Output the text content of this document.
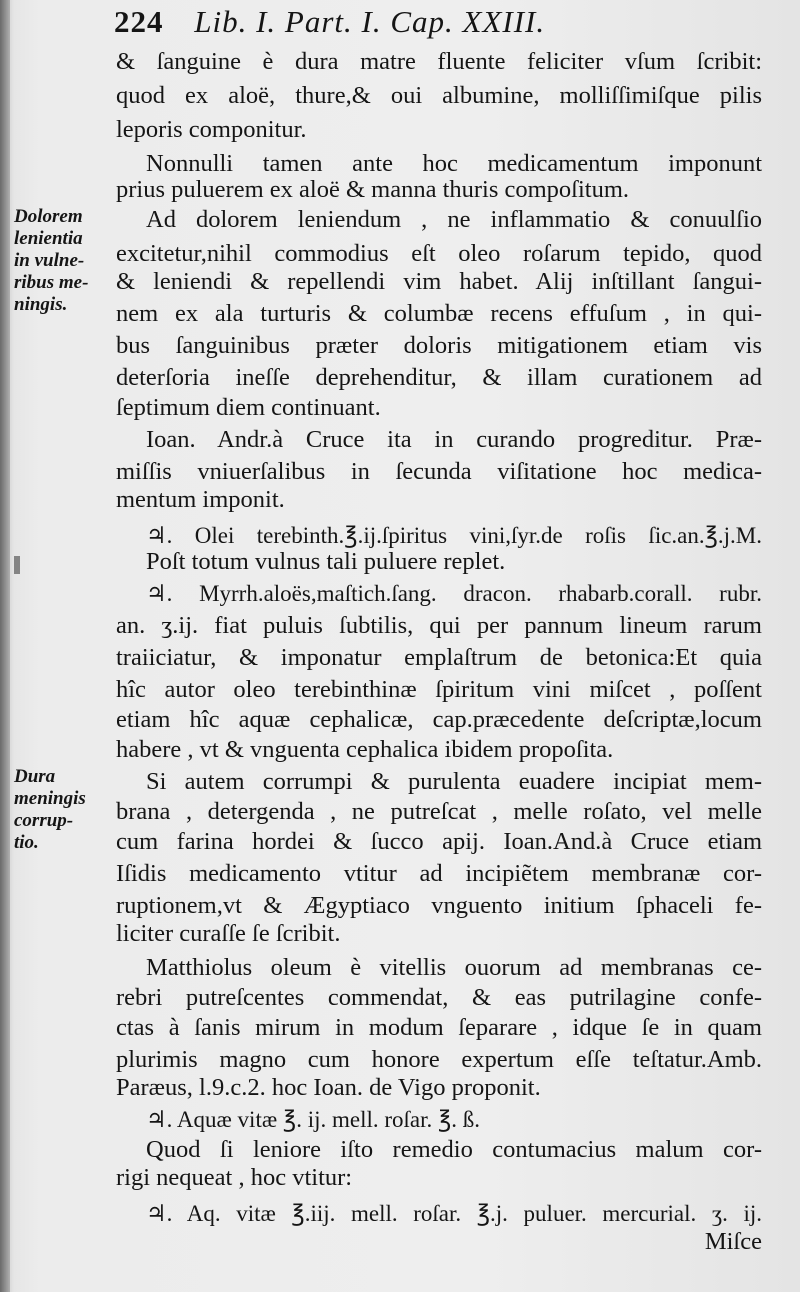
224 Lib. I. Part. I. Cap. XXIII.
Dolorem
lenientia
in vulne-
ribus me-
ningis.
Dura
meningis
corrup-
tio.
& ſanguine è dura matre fluente feliciter vſum ſcribit:
quod ex aloë, thure,& oui albumine, molliſſimiſque pilis
leporis componitur.
Nonnulli tamen ante hoc medicamentum imponunt
prius puluerem ex aloë & manna thuris compoſitum.
Ad dolorem leniendum , ne inflammatio & conuulſio
excitetur,nihil commodius eſt oleo roſarum tepido, quod
& leniendi & repellendi vim habet. Alij inſtillant ſangui-
nem ex ala turturis & columbæ recens effuſum , in qui-
bus ſanguinibus præter doloris mitigationem etiam vis
deterſoria ineſſe deprehenditur, & illam curationem ad
ſeptimum diem continuant.
Ioan. Andr.à Cruce ita in curando progreditur. Præ-
miſſis vniuerſalibus in ſecunda viſitatione hoc medica-
mentum imponit.
♃. Olei terebinth.℥.ij.ſpiritus vini,ſyr.de roſis ſic.an.℥.j.M.
Poſt totum vulnus tali puluere replet.
♃. Myrrh.aloës,maſtich.ſang. dracon. rhabarb.corall. rubr.
an. ʒ.ij. fiat puluis ſubtilis, qui per pannum lineum rarum
traiiciatur, & imponatur emplaſtrum de betonica:Et quia
hîc autor oleo terebinthinæ ſpiritum vini miſcet , poſſent
etiam hîc aquæ cephalicæ, cap.præcedente deſcriptæ,locum
habere , vt & vnguenta cephalica ibidem propoſita.
Si autem corrumpi & purulenta euadere incipiat mem-
brana , detergenda , ne putreſcat , melle roſato, vel melle
cum farina hordei & ſucco apij. Ioan.And.à Cruce etiam
Iſidis medicamento vtitur ad incipiẽtem membranæ cor-
ruptionem,vt & Ægyptiaco vnguento initium ſphaceli fe-
liciter curaſſe ſe ſcribit.
Matthiolus oleum è vitellis ouorum ad membranas ce-
rebri putreſcentes commendat, & eas putrilagine confe-
ctas à ſanis mirum in modum ſeparare , idque ſe in quam
plurimis magno cum honore expertum eſſe teſtatur.Amb.
Paræus, l.9.c.2. hoc Ioan. de Vigo proponit.
♃. Aquæ vitæ ℥. ij. mell. roſar. ℥. ß.
Quod ſi leniore iſto remedio contumacius malum cor-
rigi nequeat , hoc vtitur:
♃. Aq. vitæ ℥.iij. mell. roſar. ℥.j. puluer. mercurial. ʒ. ij.
Miſce
